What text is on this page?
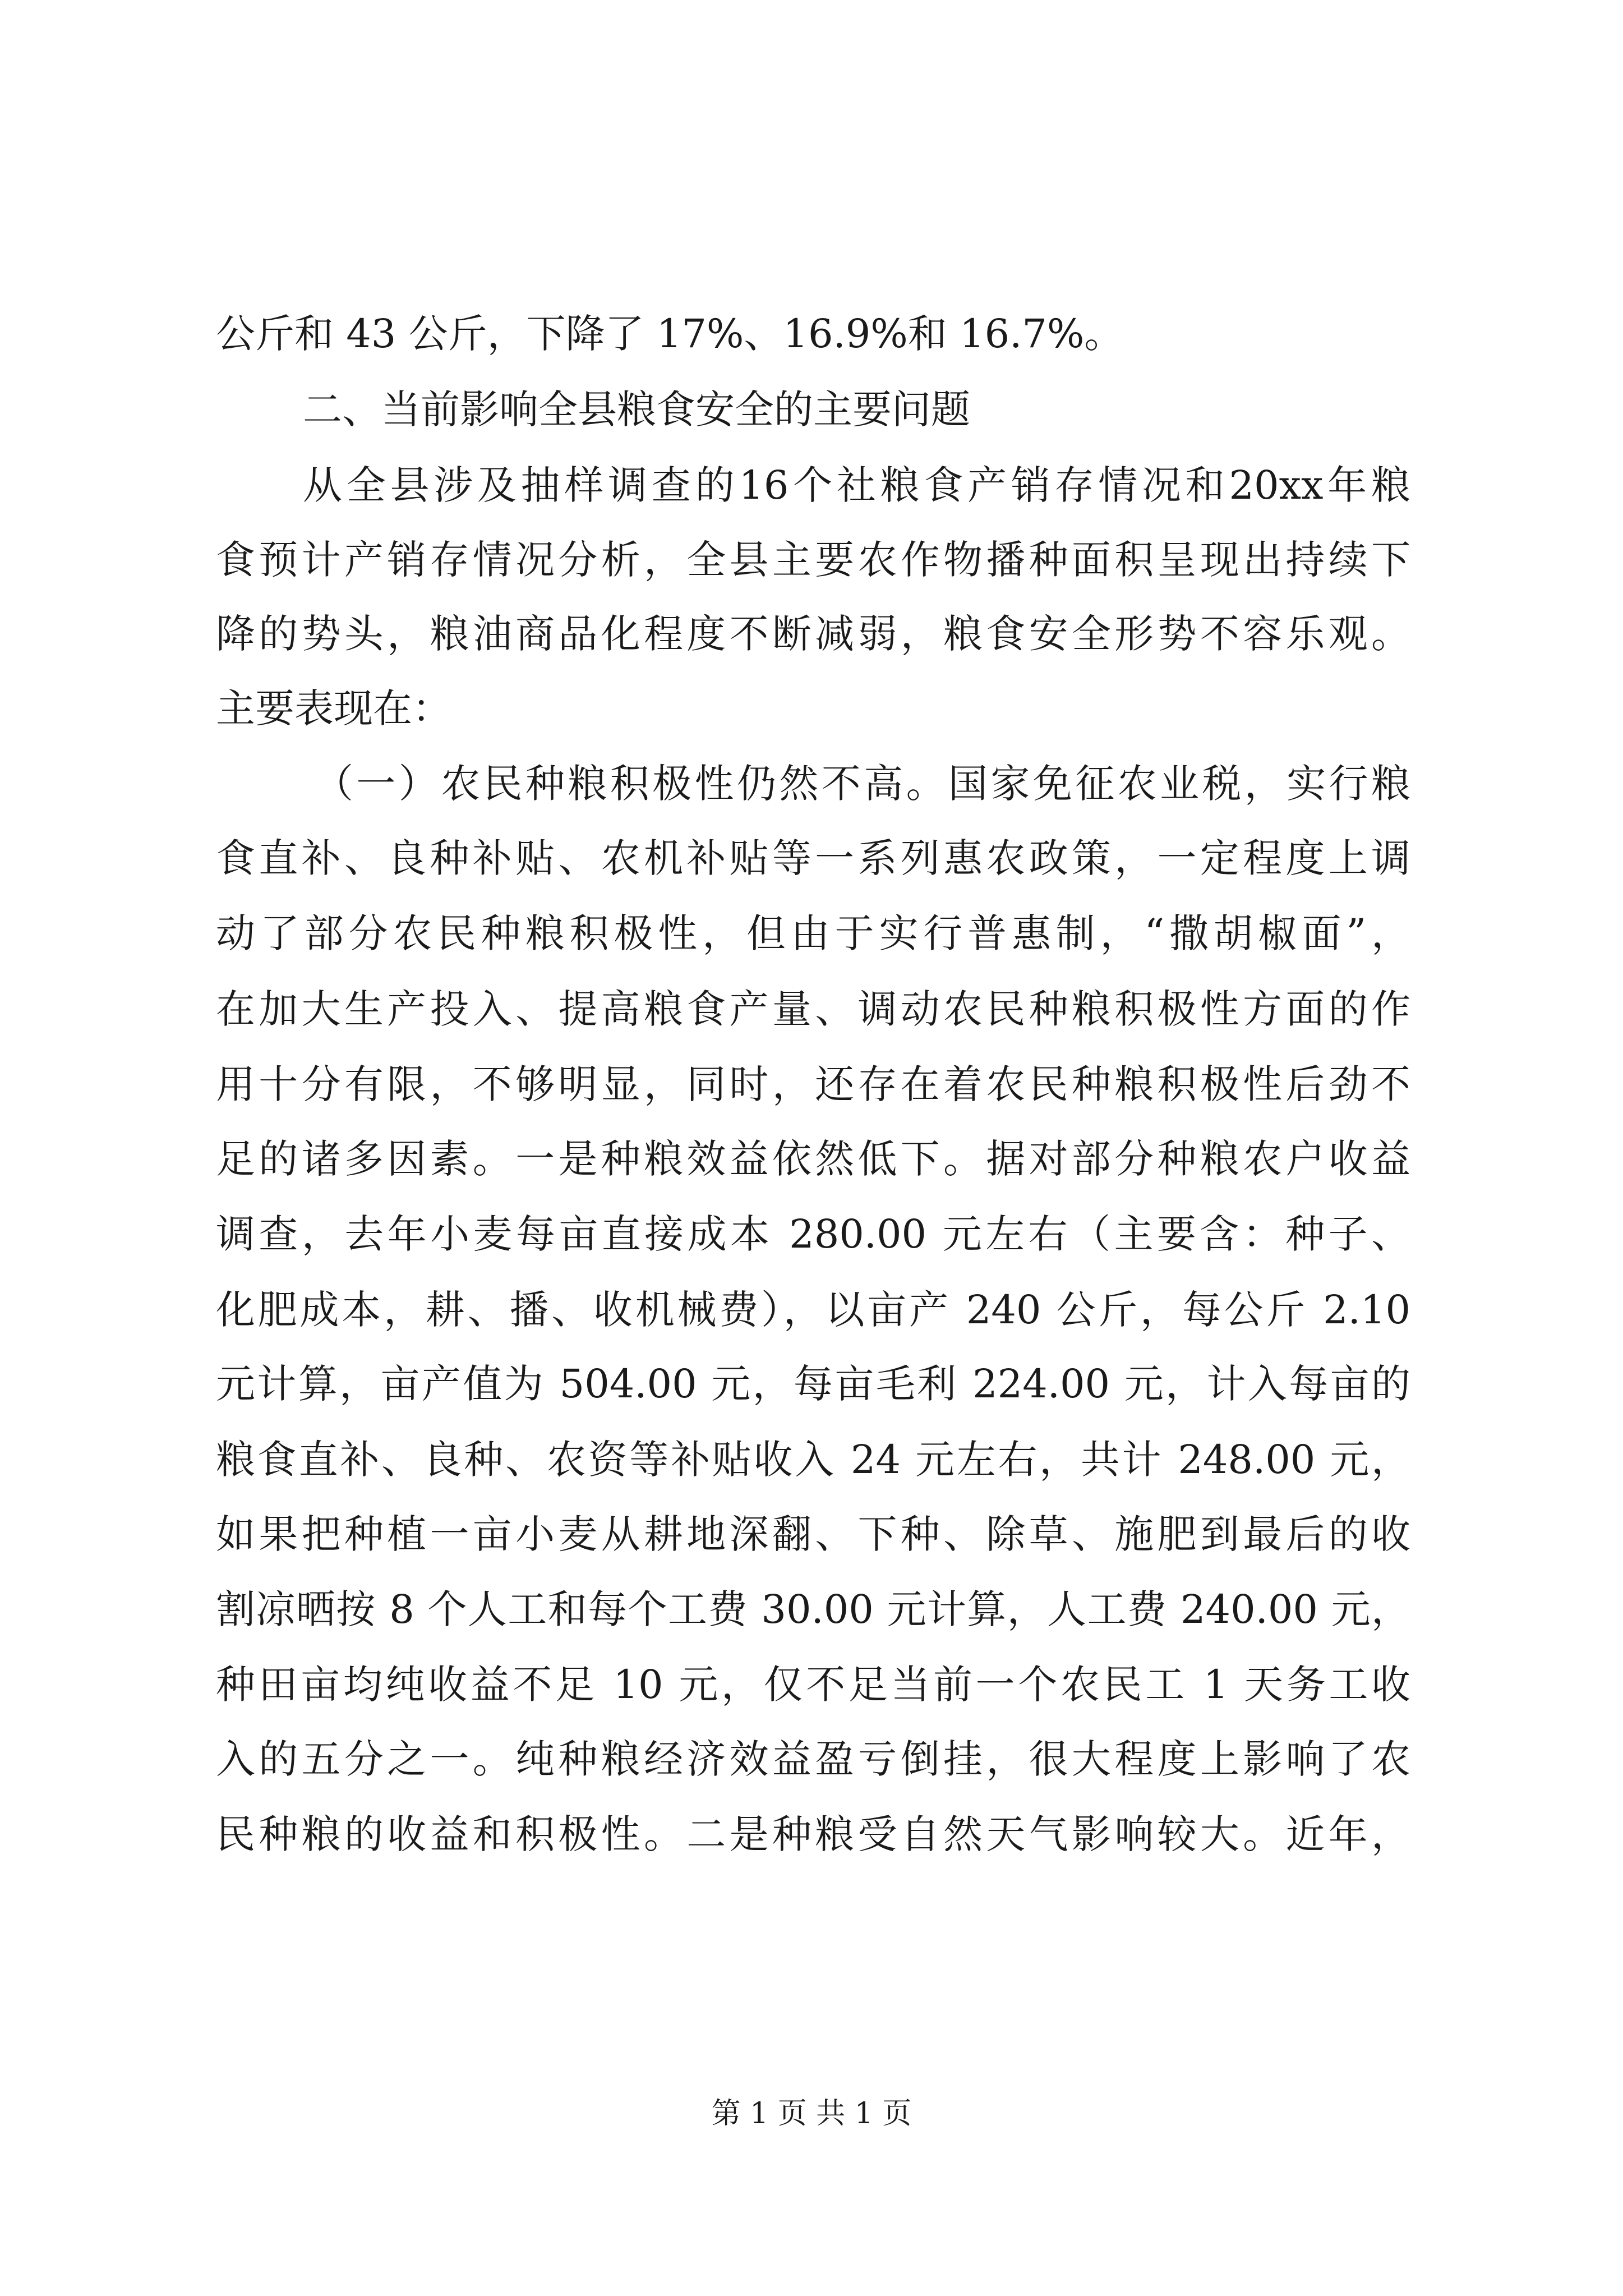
公斤和 43 公斤，下降了 17%、16.9%和 16.7%。
二、当前影响全县粮食安全的主要问题
从全县涉及抽样调查的16个社粮食产销存情况和20xx年粮
食预计产销存情况分析，全县主要农作物播种面积呈现出持续下
降的势头，粮油商品化程度不断减弱，粮食安全形势不容乐观。
主要表现在：
（一）农民种粮积极性仍然不高。国家免征农业税，实行粮
食直补、良种补贴、农机补贴等一系列惠农政策，一定程度上调
动了部分农民种粮积极性，但由于实行普惠制，“撒胡椒面”，
在加大生产投入、提高粮食产量、调动农民种粮积极性方面的作
用十分有限，不够明显，同时，还存在着农民种粮积极性后劲不
足的诸多因素。一是种粮效益依然低下。据对部分种粮农户收益
调查，去年小麦每亩直接成本 280.00 元左右（主要含：种子、
化肥成本，耕、播、收机械费），以亩产 240 公斤，每公斤 2.10
元计算，亩产值为 504.00 元，每亩毛利 224.00 元，计入每亩的
粮食直补、良种、农资等补贴收入 24 元左右，共计 248.00 元，
如果把种植一亩小麦从耕地深翻、下种、除草、施肥到最后的收
割凉晒按 8 个人工和每个工费 30.00 元计算，人工费 240.00 元，
种田亩均纯收益不足 10 元，仅不足当前一个农民工 1 天务工收
入的五分之一。纯种粮经济效益盈亏倒挂，很大程度上影响了农
民种粮的收益和积极性。二是种粮受自然天气影响较大。近年，
第 1 页 共 1 页
